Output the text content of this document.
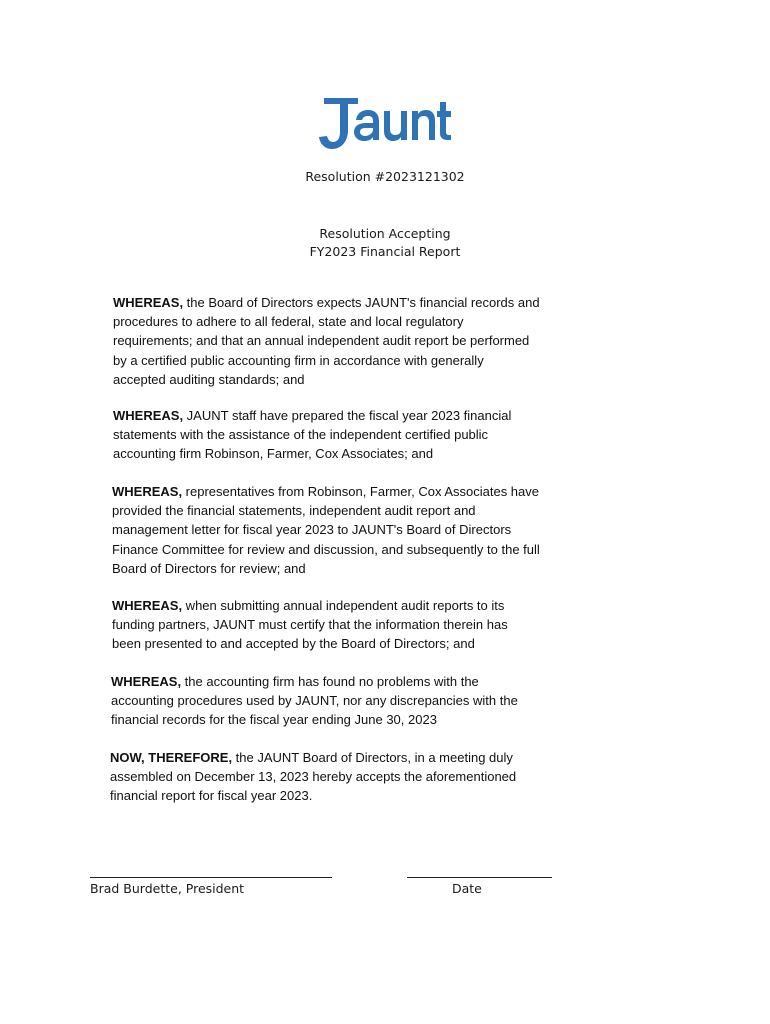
Resolution #2023121302
Resolution Accepting
FY2023 Financial Report
WHEREAS, the Board of Directors expects JAUNT's financial records and
procedures to adhere to all federal, state and local regulatory
requirements; and that an annual independent audit report be performed
by a certified public accounting firm in accordance with generally
accepted auditing standards; and
WHEREAS, JAUNT staff have prepared the fiscal year 2023 financial
statements with the assistance of the independent certified public
accounting firm Robinson, Farmer, Cox Associates; and
WHEREAS, representatives from Robinson, Farmer, Cox Associates have
provided the financial statements, independent audit report and
management letter for fiscal year 2023 to JAUNT's Board of Directors
Finance Committee for review and discussion, and subsequently to the full
Board of Directors for review; and
WHEREAS, when submitting annual independent audit reports to its
funding partners, JAUNT must certify that the information therein has
been presented to and accepted by the Board of Directors; and
WHEREAS, the accounting firm has found no problems with the
accounting procedures used by JAUNT, nor any discrepancies with the
financial records for the fiscal year ending June 30, 2023
NOW, THEREFORE, the JAUNT Board of Directors, in a meeting duly
assembled on December 13, 2023 hereby accepts the aforementioned
financial report for fiscal year 2023.
Brad Burdette, President	Date
